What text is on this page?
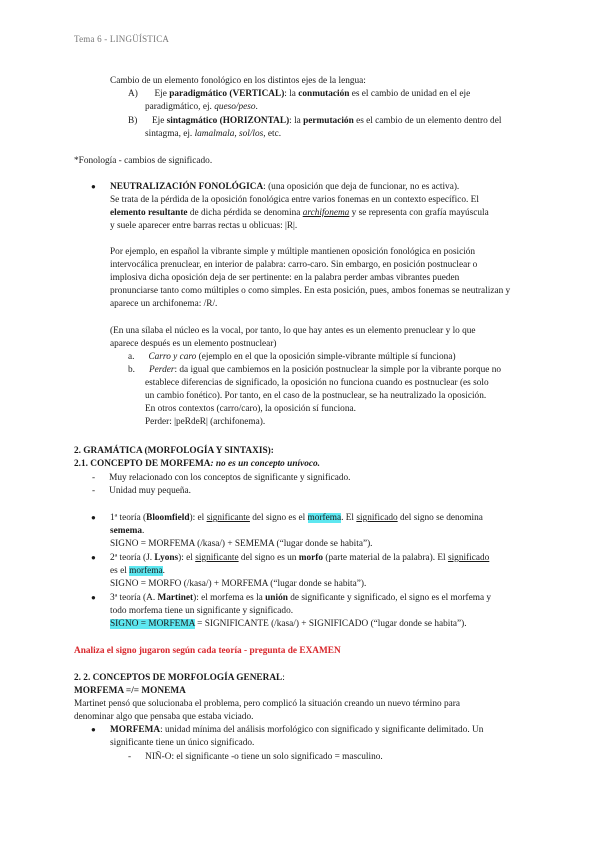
Tema 6 - LINGÜÍSTICA
Cambio de un elemento fonológico en los distintos ejes de la lengua:
A) Eje paradigmático (VERTICAL): la conmutación es el cambio de unidad en el eje
paradigmático, ej. queso/peso.
B) Eje sintagmático (HORIZONTAL): la permutación es el cambio de un elemento dentro del
sintagma, ej. lamalmala, sol/los, etc.
*Fonología - cambios de significado.
● NEUTRALIZACIÓN FONOLÓGICA: (una oposición que deja de funcionar, no es activa).
Se trata de la pérdida de la oposición fonológica entre varios fonemas en un contexto específico. El
elemento resultante de dicha pérdida se denomina archifonema y se representa con grafía mayúscula
y suele aparecer entre barras rectas u oblicuas: |R|.
Por ejemplo, en español la vibrante simple y múltiple mantienen oposición fonológica en posición
intervocálica prenuclear, en interior de palabra: carro-caro. Sin embargo, en posición postnuclear o
implosiva dicha oposición deja de ser pertinente: en la palabra perder ambas vibrantes pueden
pronunciarse tanto como múltiples o como simples. En esta posición, pues, ambos fonemas se neutralizan y
aparece un archifonema: /R/.
(En una sílaba el núcleo es la vocal, por tanto, lo que hay antes es un elemento prenuclear y lo que
aparece después es un elemento postnuclear)
a. Carro y caro (ejemplo en el que la oposición simple-vibrante múltiple sí funciona)
b. Perder: da igual que cambiemos en la posición postnuclear la simple por la vibrante porque no
establece diferencias de significado, la oposición no funciona cuando es postnuclear (es solo
un cambio fonético). Por tanto, en el caso de la postnuclear, se ha neutralizado la oposición.
En otros contextos (carro/caro), la oposición sí funciona.
Perder: |peRdeR| (archifonema).
2. GRAMÁTICA (MORFOLOGÍA Y SINTAXIS):
2.1. CONCEPTO DE MORFEMA: no es un concepto unívoco.
- Muy relacionado con los conceptos de significante y significado.
- Unidad muy pequeña.
● 1ª teoría (Bloomfield): el significante del signo es el morfema. El significado del signo se denomina
semema.
SIGNO = MORFEMA (/kasa/) + SEMEMA (“lugar donde se habita”).
● 2ª teoría (J. Lyons): el significante del signo es un morfo (parte material de la palabra). El significado
es el morfema.
SIGNO = MORFO (/kasa/) + MORFEMA (“lugar donde se habita”).
● 3ª teoría (A. Martinet): el morfema es la unión de significante y significado, el signo es el morfema y
todo morfema tiene un significante y significado.
SIGNO = MORFEMA = SIGNIFICANTE (/kasa/) + SIGNIFICADO (“lugar donde se habita”).
Analiza el signo jugaron según cada teoría - pregunta de EXAMEN
2. 2. CONCEPTOS DE MORFOLOGÍA GENERAL:
MORFEMA =/= MONEMA
Martinet pensó que solucionaba el problema, pero complicó la situación creando un nuevo término para
denominar algo que pensaba que estaba viciado.
● MORFEMA: unidad mínima del análisis morfológico con significado y significante delimitado. Un
significante tiene un único significado.
- NIÑ-O: el significante -o tiene un solo significado = masculino.
